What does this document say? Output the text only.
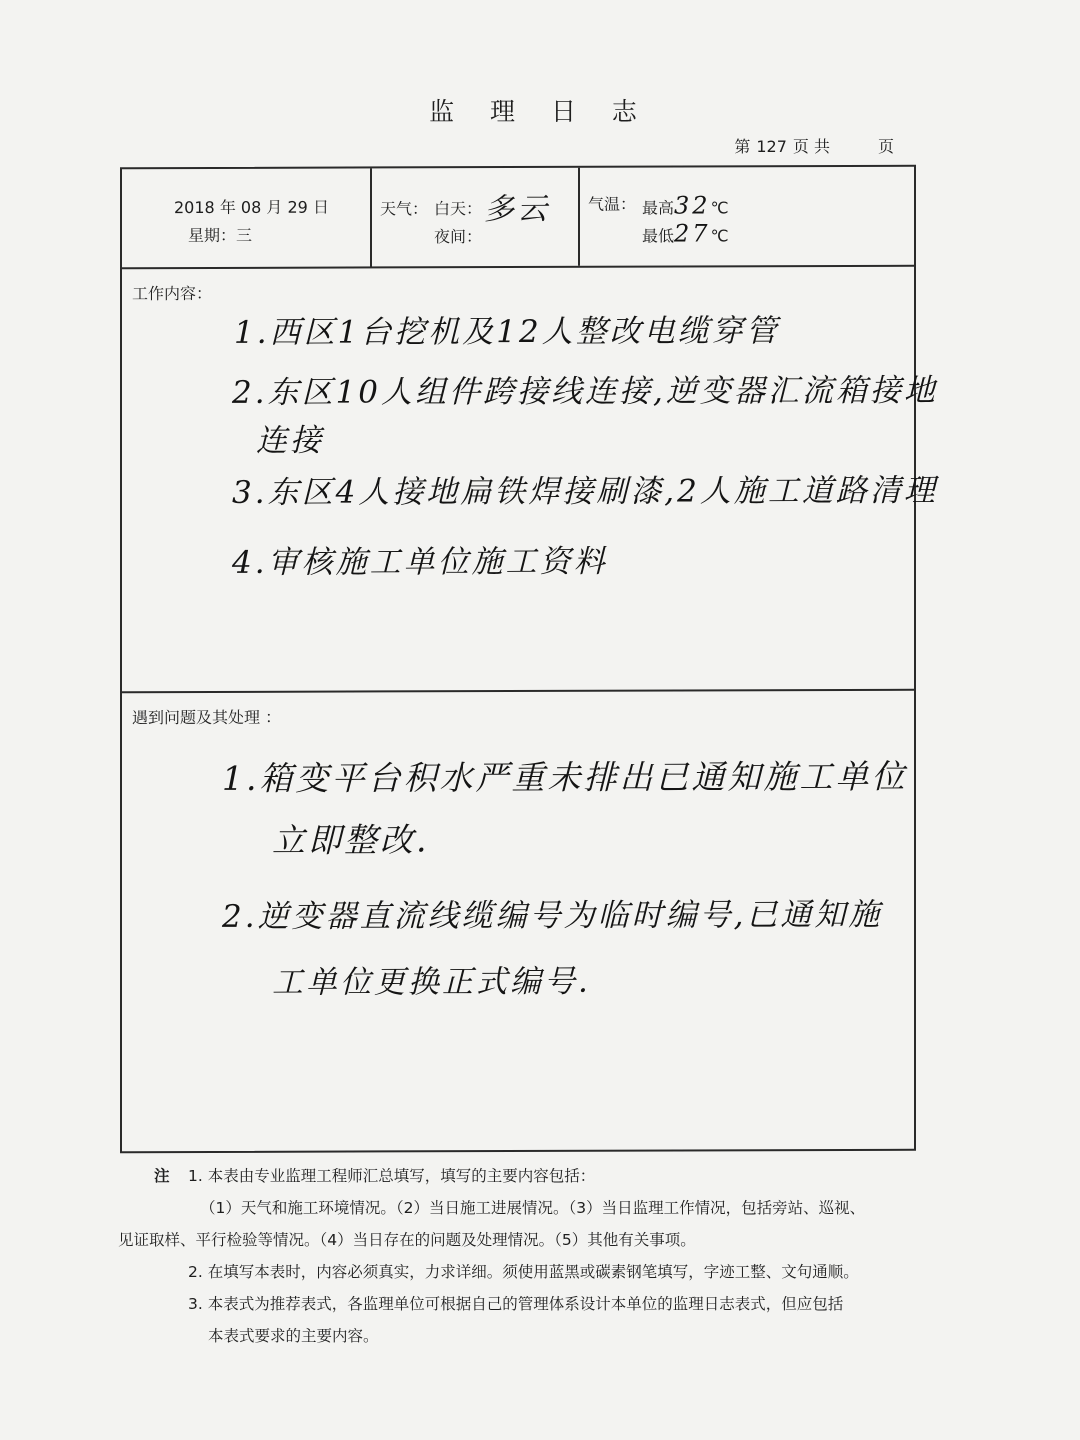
监 理 日 志
第 127 页 共	页
2018 年 08 月 29 日
星期：三
天气： 白天： 多云
夜间：
气温： 最高32℃
最低27℃
工作内容：
1.西区1台挖机及12人整改电缆穿管
2.东区10人组件跨接线连接,逆变器汇流箱接地
连接
3.东区4人接地扁铁焊接刷漆,2人施工道路清理
4.审核施工单位施工资料
遇到问题及其处理 ：
1.箱变平台积水严重未排出已通知施工单位
立即整改.
2.逆变器直流线缆编号为临时编号,已通知施
工单位更换正式编号.
注 1. 本表由专业监理工程师汇总填写，填写的主要内容包括：
（1）天气和施工环境情况。（2）当日施工进展情况。（3）当日监理工作情况，包括旁站、巡视、
见证取样、平行检验等情况。（4）当日存在的问题及处理情况。（5）其他有关事项。
2. 在填写本表时，内容必须真实，力求详细。须使用蓝黑或碳素钢笔填写，字迹工整、文句通顺。
3. 本表式为推荐表式，各监理单位可根据自己的管理体系设计本单位的监理日志表式，但应包括
本表式要求的主要内容。
